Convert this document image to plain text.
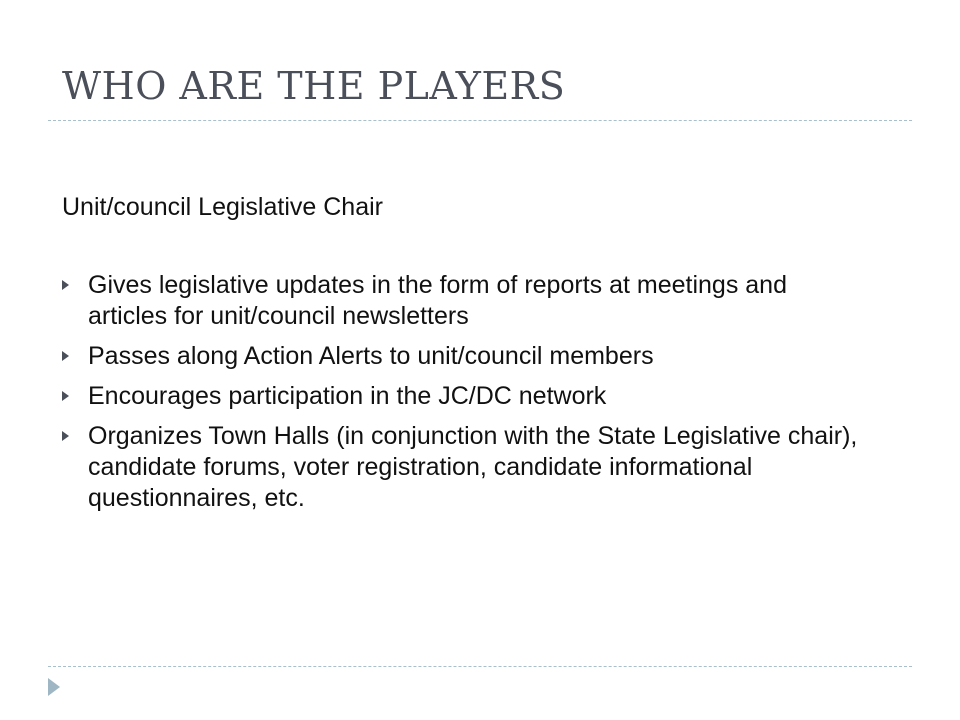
WHO ARE THE PLAYERS

Unit/council Legislative Chair

Gives legislative updates in the form of reports at meetings and articles for unit/council newsletters
Passes along Action Alerts to unit/council members
Encourages participation in the JC/DC network
Organizes Town Halls (in conjunction with the State Legislative chair), candidate forums, voter registration, candidate informational questionnaires, etc.
